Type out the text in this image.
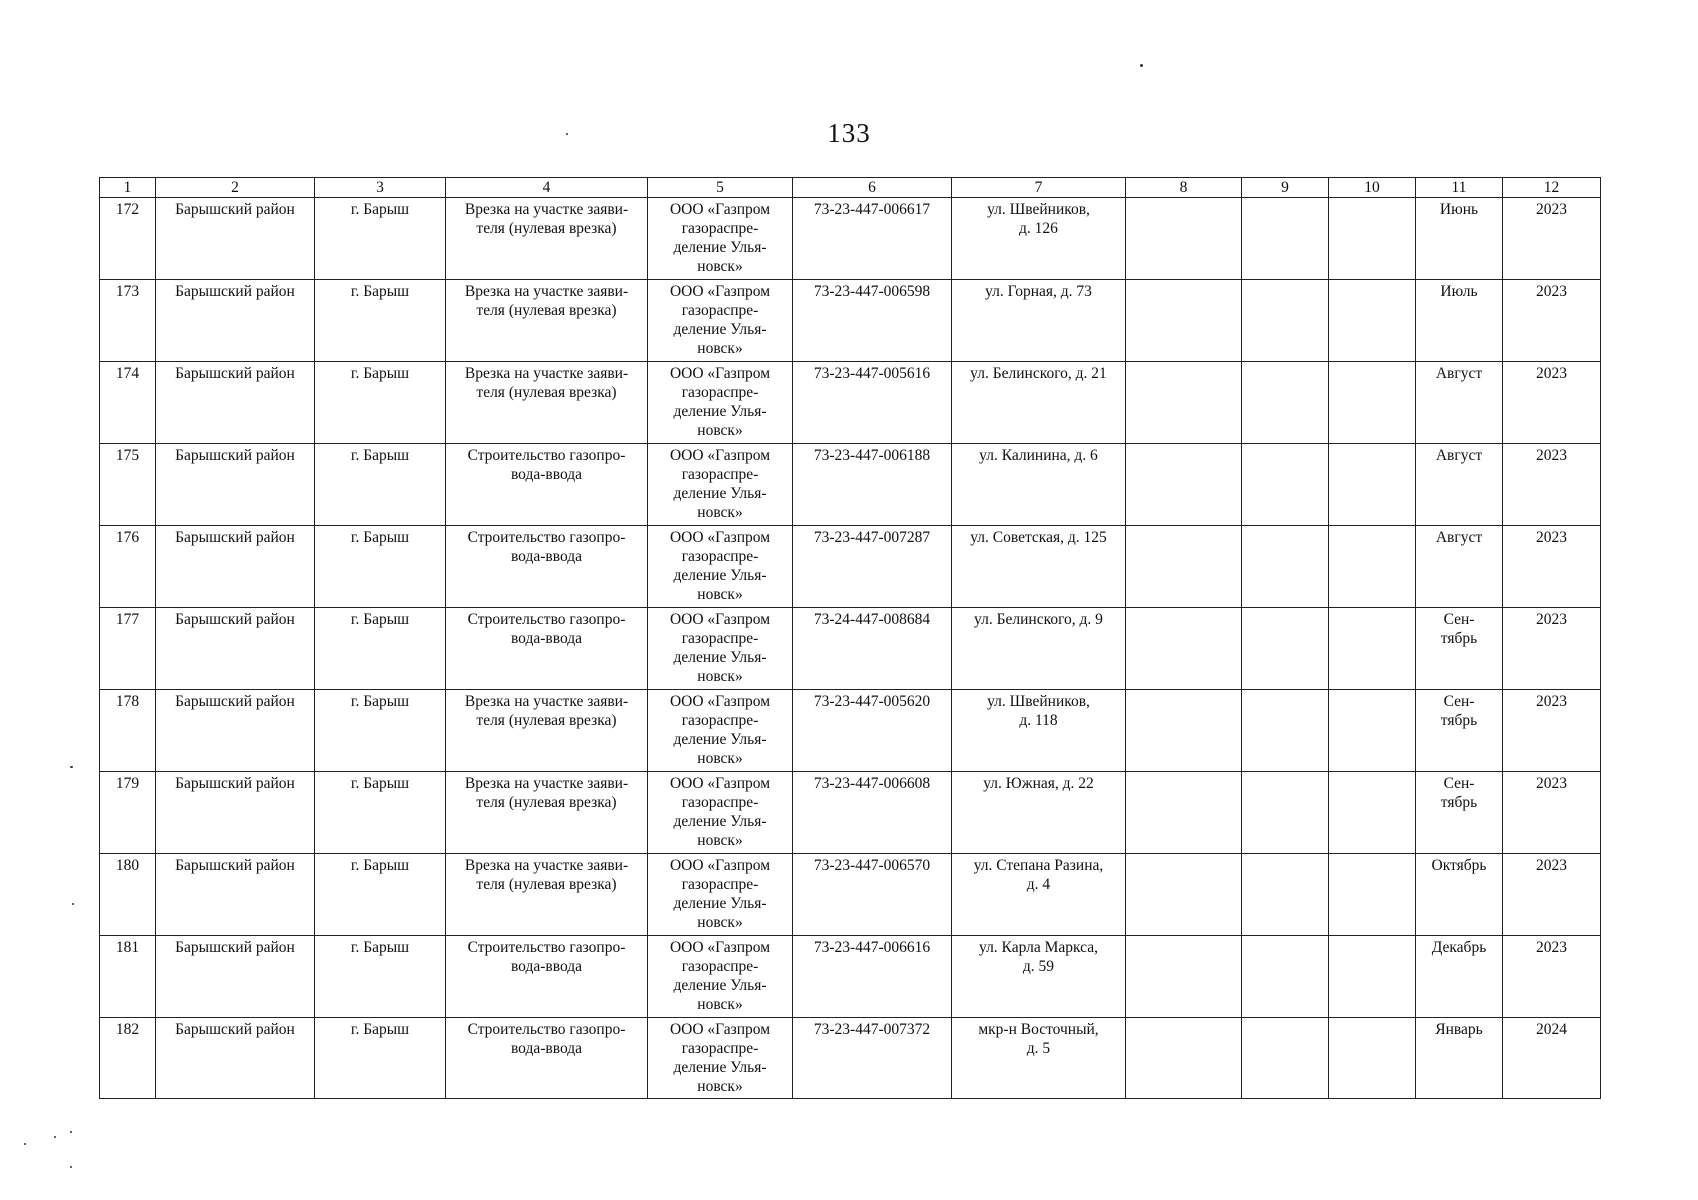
133
1	2	3	4	5	6	7	8	9	10	11	12
172	Барышский район	г. Барыш	Врезка на участке заяви-
теля (нулевая врезка)	ООО «Газпром
газораспре-
деление Улья-
новск»	73-23-447-006617	ул. Швейников,
д. 126				Июнь	2023
173	Барышский район	г. Барыш	Врезка на участке заяви-
теля (нулевая врезка)	ООО «Газпром
газораспре-
деление Улья-
новск»	73-23-447-006598	ул. Горная, д. 73				Июль	2023
174	Барышский район	г. Барыш	Врезка на участке заяви-
теля (нулевая врезка)	ООО «Газпром
газораспре-
деление Улья-
новск»	73-23-447-005616	ул. Белинского, д. 21				Август	2023
175	Барышский район	г. Барыш	Строительство газопро-
вода-ввода	ООО «Газпром
газораспре-
деление Улья-
новск»	73-23-447-006188	ул. Калинина, д. 6				Август	2023
176	Барышский район	г. Барыш	Строительство газопро-
вода-ввода	ООО «Газпром
газораспре-
деление Улья-
новск»	73-23-447-007287	ул. Советская, д. 125				Август	2023
177	Барышский район	г. Барыш	Строительство газопро-
вода-ввода	ООО «Газпром
газораспре-
деление Улья-
новск»	73-24-447-008684	ул. Белинского, д. 9				Сен-
тябрь	2023
178	Барышский район	г. Барыш	Врезка на участке заяви-
теля (нулевая врезка)	ООО «Газпром
газораспре-
деление Улья-
новск»	73-23-447-005620	ул. Швейников,
д. 118				Сен-
тябрь	2023
179	Барышский район	г. Барыш	Врезка на участке заяви-
теля (нулевая врезка)	ООО «Газпром
газораспре-
деление Улья-
новск»	73-23-447-006608	ул. Южная, д. 22				Сен-
тябрь	2023
180	Барышский район	г. Барыш	Врезка на участке заяви-
теля (нулевая врезка)	ООО «Газпром
газораспре-
деление Улья-
новск»	73-23-447-006570	ул. Степана Разина,
д. 4				Октябрь	2023
181	Барышский район	г. Барыш	Строительство газопро-
вода-ввода	ООО «Газпром
газораспре-
деление Улья-
новск»	73-23-447-006616	ул. Карла Маркса,
д. 59				Декабрь	2023
182	Барышский район	г. Барыш	Строительство газопро-
вода-ввода	ООО «Газпром
газораспре-
деление Улья-
новск»	73-23-447-007372	мкр-н Восточный,
д. 5				Январь	2024
